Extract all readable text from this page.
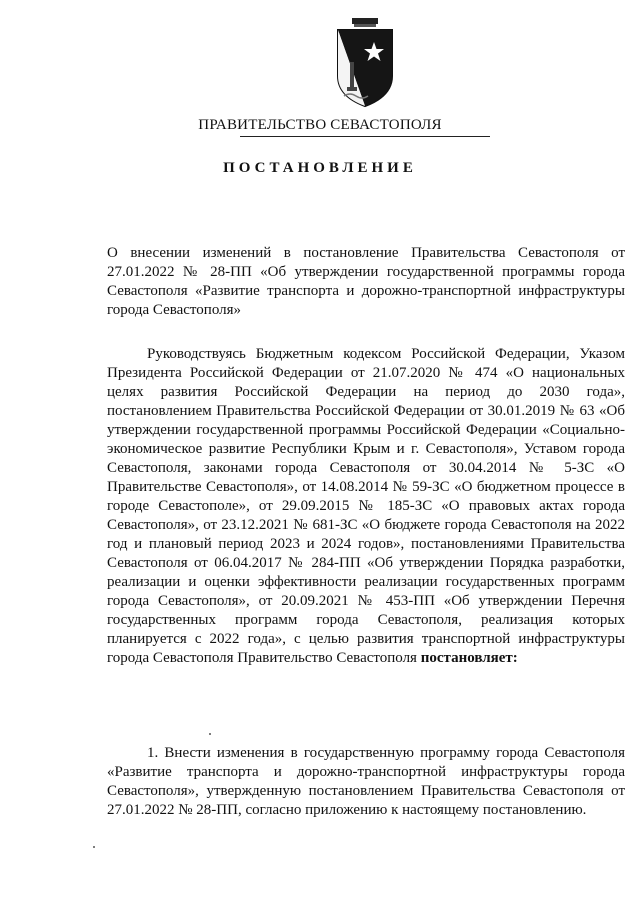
ПРАВИТЕЛЬСТВО СЕВАСТОПОЛЯ
ПОСТАНОВЛЕНИЕ
О внесении изменений в постановление Правительства Севастополя от 27.01.2022 № 28-ПП «Об утверждении государственной программы города Севастополя «Развитие транспорта и дорожно-транспортной инфраструктуры города Севастополя»

Руководствуясь Бюджетным кодексом Российской Федерации, Указом Президента Российской Федерации от 21.07.2020 № 474 «О национальных целях развития Российской Федерации на период до 2030 года», постановлением Правительства Российской Федерации от 30.01.2019 № 63 «Об утверждении государственной программы Российской Федерации «Социально-экономическое развитие Республики Крым и г. Севастополя», Уставом города Севастополя, законами города Севастополя от 30.04.2014 № 5-ЗС «О Правительстве Севастополя», от 14.08.2014 № 59-ЗС «О бюджетном процессе в городе Севастополе», от 29.09.2015 № 185-ЗС «О правовых актах города Севастополя», от 23.12.2021 № 681-ЗС «О бюджете города Севастополя на 2022 год и плановый период 2023 и 2024 годов», постановлениями Правительства Севастополя от 06.04.2017 № 284-ПП «Об утверждении Порядка разработки, реализации и оценки эффективности реализации государственных программ города Севастополя», от 20.09.2021 № 453-ПП «Об утверждении Перечня государственных программ города Севастополя, реализация которых планируется с 2022 года», с целью развития транспортной инфраструктуры города Севастополя Правительство Севастополя постановляет:

1. Внести изменения в государственную программу города Севастополя «Развитие транспорта и дорожно-транспортной инфраструктуры города Севастополя», утвержденную постановлением Правительства Севастополя от 27.01.2022 № 28-ПП, согласно приложению к настоящему постановлению.
